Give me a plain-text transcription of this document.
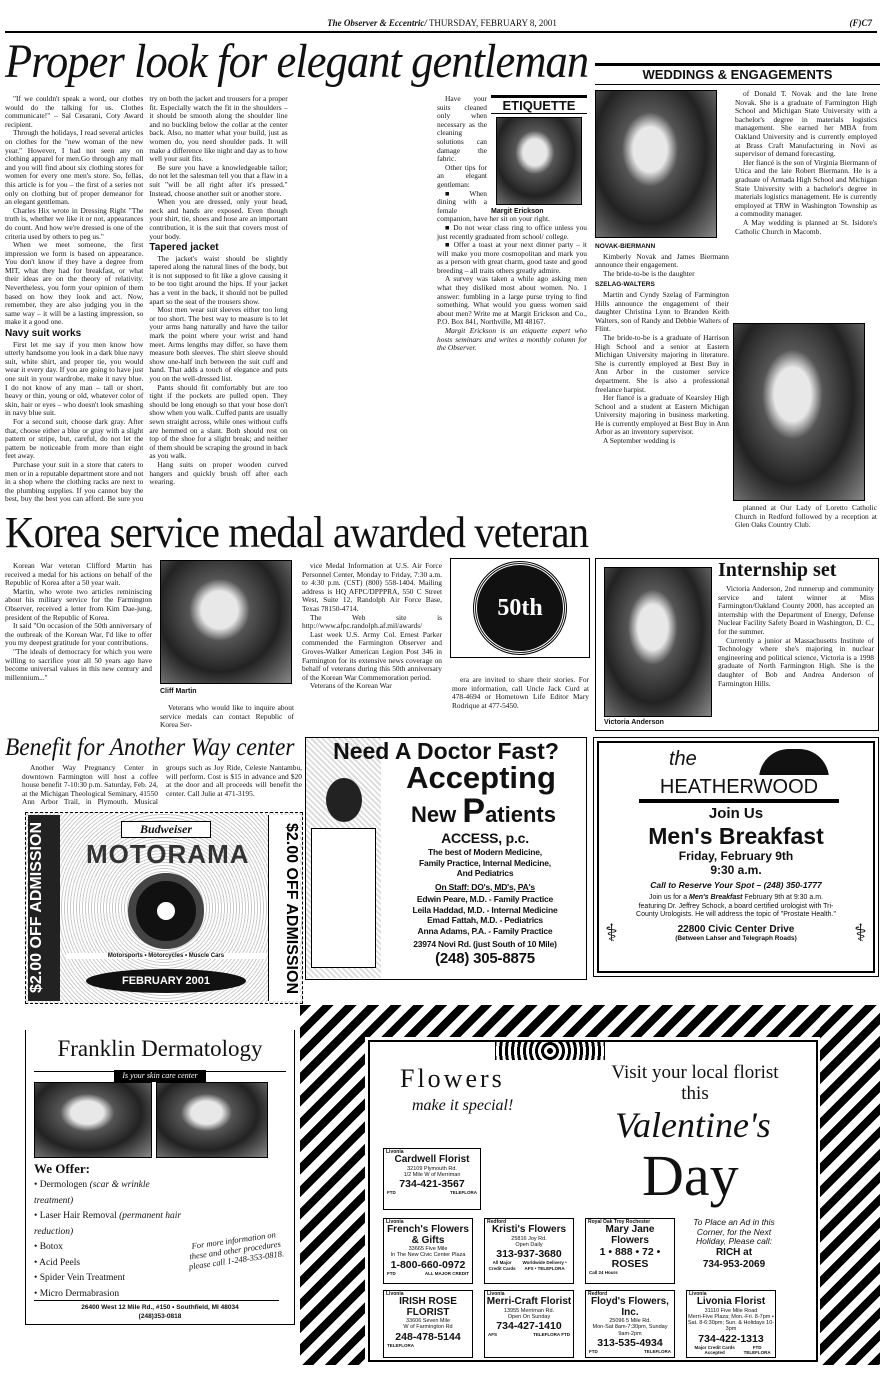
The Observer & Eccentric/ THURSDAY, FEBRUARY 8, 2001	(F)C7
Proper look for elegant gentleman

"If we couldn't speak a word, our clothes would do the talking for us. Clothes communicate!" – Sal Cesarani, Coty Award recipient.

Through the holidays, I read several articles on clothes for the "new woman of the new year." However, I had not seen any on clothing apparel for men.Go through any mall and you will find about six clothing stores for women for every one men's store. So, fellas, this article is for you – the first of a series not only on clothing but of proper demeanor for an elegant gentleman.

Charles Hix wrote in Dressing Right "The truth is, whether we like it or not, appearances do count. And how we're dressed is one of the criteria used by others to peg us."

When we meet someone, the first impression we form is based on appearance. You don't know if they have a degree from MIT, what they had for breakfast, or what their ideas are on the theory of relativity. Nevertheless, you form your opinion of them based on how they look and act. Now, remember, they are also judging you in the same way – it will be a lasting impression, so make it a good one.

Navy suit works

First let me say if you men know how utterly handsome you look in a dark blue navy suit, white shirt, and proper tie, you would wear it every day. If you are going to have just one suit in your wardrobe, make it navy blue. I do not know of any man – tall or short, heavy or thin, young or old, whatever color of skin, hair or eyes – who doesn't look smashing in navy blue suit.

For a second suit, choose dark gray. After that, choose either a blue or gray with a slight pattern or stripe, but, careful, do not let the pattern be noticeable from more than eight feet away.

Purchase your suit in a store that caters to men or in a reputable department store and not in a shop where the clothing racks are next to the plumbing supplies. If you cannot buy the best, buy the best you can afford. Be sure you try on both the jacket and trousers for a proper fit. Especially watch the fit in the shoulders – it should be smooth along the shoulder line and no buckling below the collar at the center back. Also, no matter what your build, just as women do, you need shoulder pads. It will make a difference like night and day as to how well your suit fits.

Be sure you have a knowledgeable tailor; do not let the salesman tell you that a flaw in a suit "will be all right after it's pressed." Instead, choose another suit or another store.

When you are dressed, only your head, neck and hands are exposed. Even though your shirt, tie, shoes and hose are an important contribution, it is the suit that covers most of your body.

Tapered jacket

The jacket's waist should be slightly tapered along the natural lines of the body, but it is not supposed to fit like a glove causing it to be too tight around the hips. If your jacket has a vent in the back, it should not be pulled apart so the seat of the trousers show.

Most men wear suit sleeves either too long or too short. The best way to measure is to let your arms hang naturally and have the tailor mark the point where your wrist and hand meet. Arms lengths may differ, so have them measure both sleeves. The shirt sleeve should show one-half inch between the suit cuff and hand. That adds a touch of elegance and puts you on the well-dressed list.

Pants should fit comfortably but are too tight if the pockets are pulled open. They should be long enough so that your hose don't show when you walk. Cuffed pants are usually sewn straight across, while ones without cuffs are hemmed on a slant. Both should rest on top of the shoe for a slight break; and neither of them should be scraping the ground in back as you walk.

Hang suits on proper wooden curved hangers and quickly brush off after each wearing.

ETIQUETTE
Margit Erickson

Have your suits cleaned only when necessary as the cleaning solutions can damage the fabric.

Other tips for an elegant gentleman:

■ When dining with a female companion, have her sit on your right.

■ Do not wear class ring to office unless you just recently graduated from school/ college.

■ Offer a toast at your next dinner party – it will make you more cosmopolitan and mark you as a person with great charm, good taste and good breeding – all traits others greatly admire.

A survey was taken a while ago asking men what they disliked most about women. No. 1 answer: fumbling in a large purse trying to find something. What would you guess women said about men? Write me at Margit Erickson and Co., P.O. Box 841, Northville, MI 48167.

Margit Erickson is an etiquette expert who hosts seminars and writes a monthly column for the Observer.
WEDDINGS & ENGAGEMENTS
NOVAK-BIERMANN

Kimberly Novak and James Biermann announce their engagement.

The bride-to-be is the daughter

SZELAG-WALTERS

Martin and Cyndy Szelag of Farmington Hills announce the engagement of their daughter Christina Lynn to Branden Keith Walters, son of Randy and Debbie Walters of Flint.

The bride-to-be is a graduate of Harrison High School and a senior at Eastern Michigan University majoring in literature. She is currently employed at Best Buy in Ann Arbor in the customer service department. She is also a professional freelance harpist.

Her fiancé is a graduate of Kearsley High School and a student at Eastern Michigan University majoring in business marketing. He is currently employed at Best Buy in Ann Arbor as an inventory supervisor.

A September wedding is

of Donald T. Novak and the late Irene Novak. She is a graduate of Farmington High School and Michigan State University with a bachelor's degree in materials logistics management. She earned her MBA from Oakland University and is currently employed at Brass Craft Manufacturing in Novi as supervisor of demand forecasting.

Her fiancé is the son of Virginia Biermann of Utica and the late Robert Biermann. He is a graduate of Armada High School and Michigan State University with a bachelor's degree in materials logistics management. He is currently employed at TRW in Washington Township as a commodity manager.

A May wedding is planned at St. Isidore's Catholic Church in Macomb.

planned at Our Lady of Loretto Catholic Church in Redford followed by a reception at Glen Oaks Country Club.

Korea service medal awarded veteran

Korean War veteran Clifford Martin has received a medal for his actions on behalf of the Republic of Korea after a 50 year wait.

Martin, who wrote two articles reminiscing about his military service for the Farmington Observer, received a letter from Kim Dae-jung, president of the Republic of Korea.

It said "On occasion of the 50th anniversary of the outbreak of the Korean War, I'd like to offer you my deepest gratitude for your contributions.

"The ideals of democracy for which you were willing to sacrifice your all 50 years ago have become universal values in this new century and millennium..."

Cliff Martin

Veterans who would like to inquire about service medals can contact Republic of Korea Ser-

vice Medal Information at U.S. Air Force Personnel Center, Monday to Friday, 7:30 a.m. to 4:30 p.m. (CST) (800) 558-1404. Mailing address is HQ AFPC/DPPPRA, 550 C Street West, Suite 12, Randolph Air Force Base, Texas 78150-4714.

The Web site is http://www.afpc.randolph.af.mil/awards/

Last week U.S. Army Col. Ernest Parker commended the Farmington Observer and Groves-Walker American Legion Post 346 in Farmington for its extensive news coverage on behalf of veterans during this 50th anniversary of the Korean War Commemoration period.

Veterans of the Korean War

50th

era are invited to share their stories. For more information, call Uncle Jack Curd at 478-4694 or Hometown Life Editor Mary Rodrique at 477-5450.

Victoria Anderson
Internship set

Victoria Anderson, 2nd runnerup and community service and talent winner at Miss Farmington/Oakland County 2000, has accepted an internship with the Department of Energy, Defense Nuclear Facility Safety Board in Washington, D. C., for the summer.

Currently a junior at Massachusetts Institute of Technology where she's majoring in nuclear engineering and political science, Victoria is a 1998 graduate of North Farmington High. She is the daughter of Bob and Andrea Anderson of Farmington Hills.

Benefit for Another Way center

Another Way Pregnancy Center in downtown Farmington will host a coffee house benefit 7-10:30 p.m. Saturday, Feb. 24, at the Michigan Theological Seminary, 41550 Ann Arbor Trail, in Plymouth. Musical groups such as Joy Ride, Celeste Nantambu, will perform. Cost is $15 in advance and $20 at the door and all proceeds will benefit the center. Call Julie at 471-3195.

$2.00 OFF ADMISSION	$2.00 OFF ADMISSION
Budweiser
MOTORAMA
Motorsports • Motorcycles • Muscle Cars
FEBRUARY 2001
Need A Doctor Fast?
Accepting
New Patients
ACCESS, p.c.
The best of Modern Medicine,
Family Practice, Internal Medicine,
And Pediatrics
On Staff: DO's, MD's, PA's
Edwin Peare, M.D. - Family Practice
Leila Haddad, M.D. - Internal Medicine
Emad Fattah, M.D. - Pediatrics
Anna Adams, P.A. - Family Practice
23974 Novi Rd. (just South of 10 Mile)
(248) 305-8875
the
HEATHERWOOD
Join Us
Men's Breakfast
Friday, February 9th
9:30 a.m.
Call to Reserve Your Spot – (248) 350-1777
Join us for a Men's Breakfast February 9th at 9:30 a.m. featuring Dr. Jeffrey Schock, a board certified urologist with Tri-County Urologists. He will address the topic of "Prostate Health."
22800 Civic Center Drive
(Between Lahser and Telegraph Roads)
⚕	⚕
Franklin Dermatology
Is your skin care center
We Offer:
• Dermologen (scar & wrinkle treatment)
• Laser Hair Removal (permanent hair reduction)
• Botox
• Acid Peels
• Spider Vein Treatment
• Micro Dermabrasion
For more information on these and other procedures please call 1-248-353-0818.
26400 West 12 Mile Rd., #150 • Southfield, MI 48034
(248)353-0818
Flowers
make it special!
Visit your local florist this
Valentine's
Day
Livonia
Cardwell Florist
32109 Plymouth Rd.
1/2 Mile W of Merriman
734-421-3567
FTD	TELEFLORA
Livonia
French's Flowers & Gifts
33665 Five Mile
In The New Civic Center Plaza
1-800-660-0972
FTD	ALL MAJOR CREDIT
Redford
Kristi's Flowers
25816 Joy Rd.
Open Daily
313-937-3680
All Major Credit Cards
Worldwide Delivery • AFS • TELEFLORA
Royal Oak Troy Rochester
Mary Jane Flowers
1 • 888 • 72 • ROSES
Call 24 Hours
Livonia
IRISH ROSE FLORIST
33606 Seven Mile
W of Farmington Rd
248-478-5144
TELEFLORA
Livonia
Merri-Craft Florist
13955 Merriman Rd.
Open On Sunday
734-427-1410
AFS	TELEFLORA FTD
Redford
Floyd's Flowers, Inc.
25096 5 Mile Rd.
Mon-Sat 8am-7:30pm, Sunday 9am-2pm
313-535-4934
FTD	TELEFLORA
Livonia
Livonia Florist
31110 Five Mile Road
Merri-Five Plaza; Mon.-Fri. 8-7pm • Sat. 8-6:30pm; Sun. & Holidays 10-3pm
734-422-1313
Major Credit Cards Accepted
FTD TELEFLORA
To Place an Ad in this Corner, for the Next Holiday, Please call:
RICH at
734-953-2069
